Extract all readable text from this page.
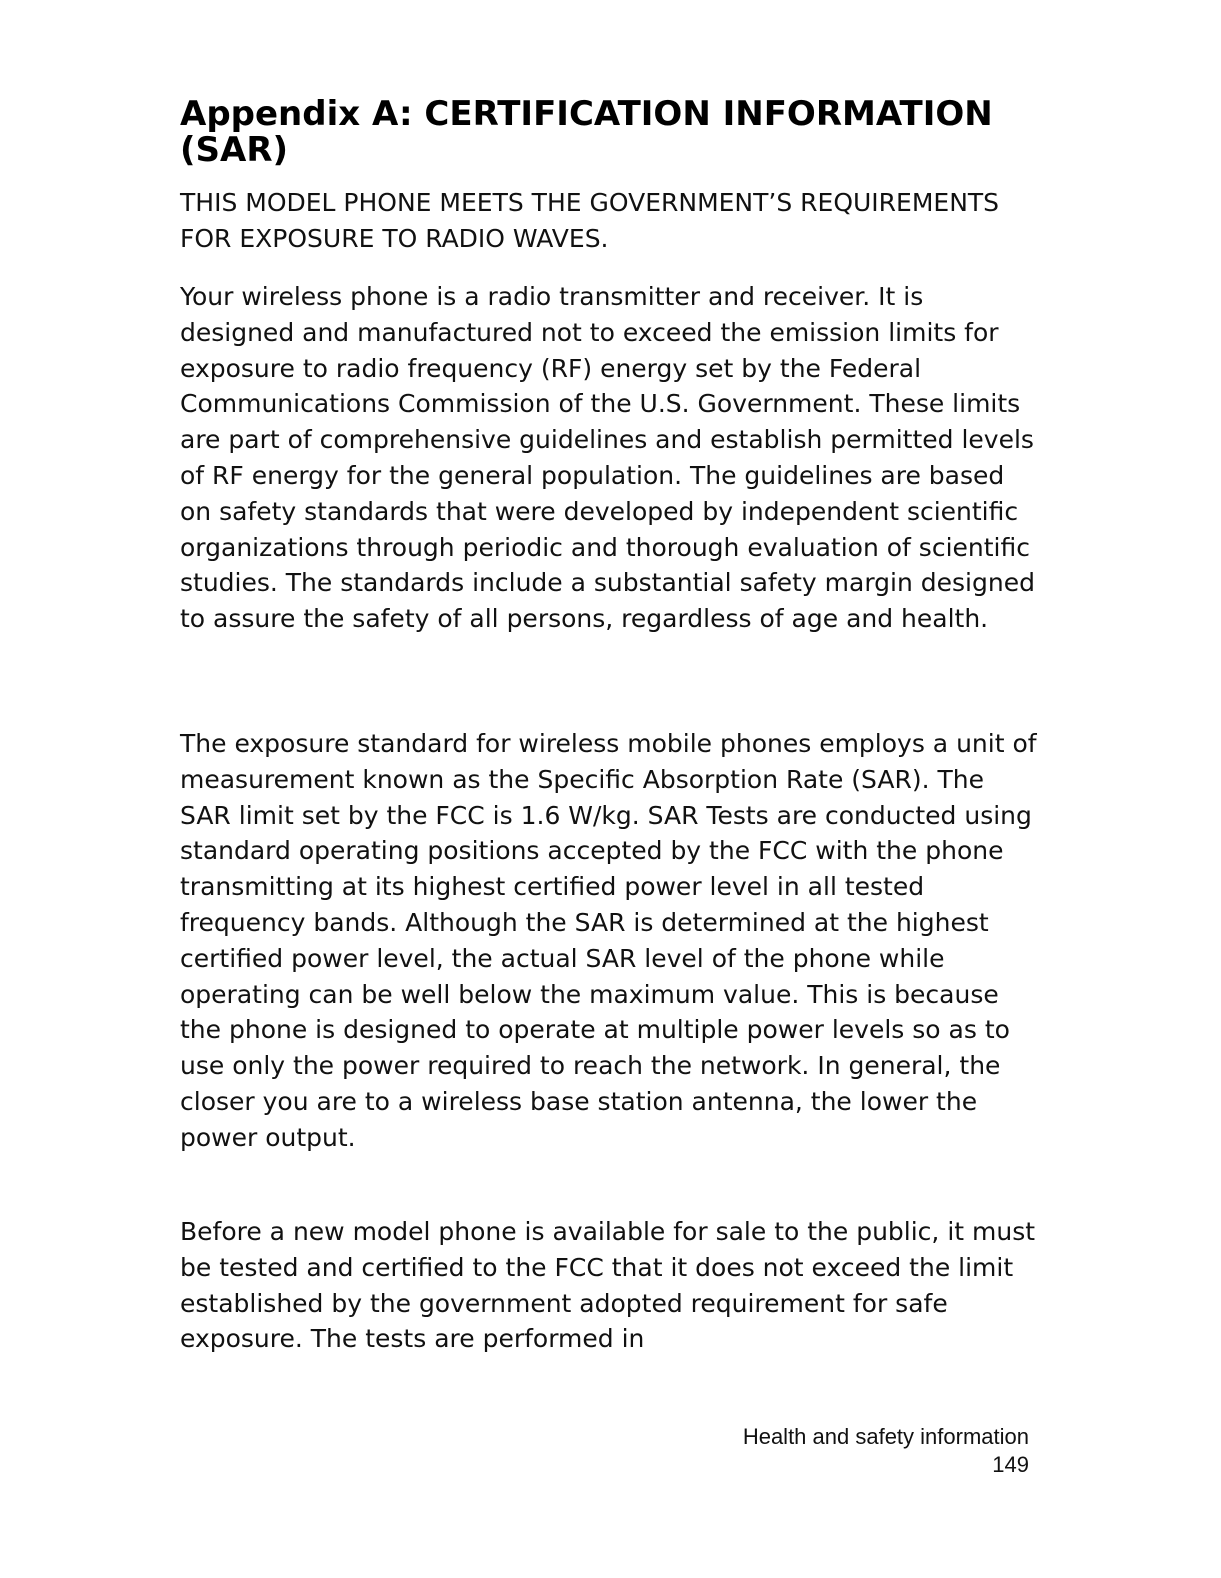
Appendix A: CERTIFICATION INFORMATION (SAR)

THIS MODEL PHONE MEETS THE GOVERNMENT’S REQUIREMENTS FOR EXPOSURE TO RADIO WAVES.

Your wireless phone is a radio transmitter and receiver. It is designed and manufactured not to exceed the emission limits for exposure to radio frequency (RF) energy set by the Federal Communications Commission of the U.S. Government. These limits are part of comprehensive guidelines and establish permitted levels of RF energy for the general population. The guidelines are based on safety standards that were developed by independent scientific organizations through periodic and thorough evaluation of scientific studies. The standards include a substantial safety margin designed to assure the safety of all persons, regardless of age and health.

The exposure standard for wireless mobile phones employs a unit of measurement known as the Specific Absorption Rate (SAR). The SAR limit set by the FCC is 1.6 W/kg. SAR Tests are conducted using standard operating positions accepted by the FCC with the phone transmitting at its highest certified power level in all tested frequency bands. Although the SAR is determined at the highest certified power level, the actual SAR level of the phone while operating can be well below the maximum value. This is because the phone is designed to operate at multiple power levels so as to use only the power required to reach the network. In general, the closer you are to a wireless base station antenna, the lower the power output.

Before a new model phone is available for sale to the public, it must be tested and certified to the FCC that it does not exceed the limit established by the government adopted requirement for safe exposure. The tests are performed in

Health and safety information

149
